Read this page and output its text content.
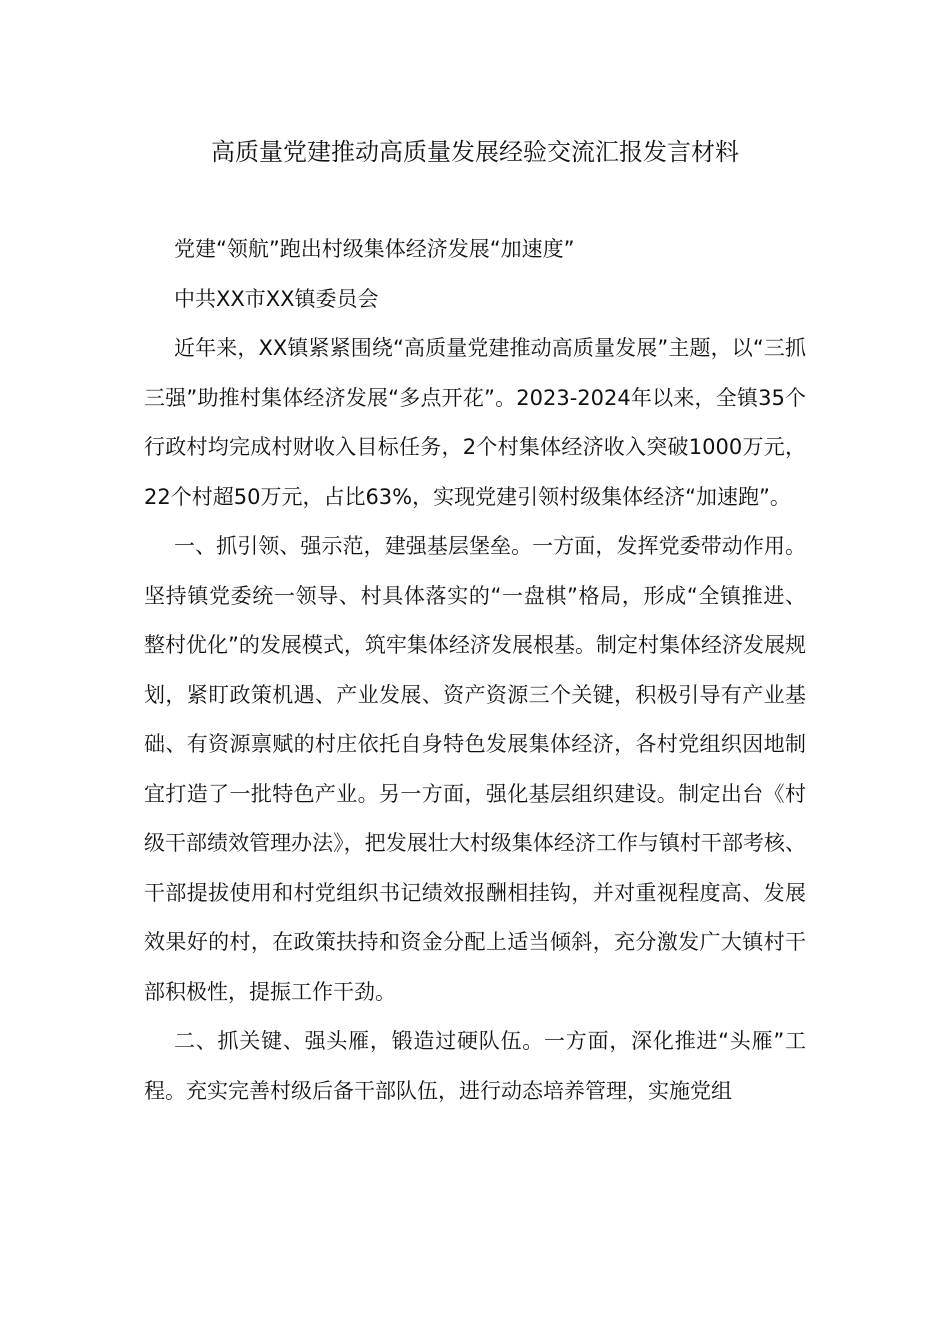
高质量党建推动高质量发展经验交流汇报发言材料

党建“领航”跑出村级集体经济发展“加速度”

中共XX市XX镇委员会

近年来，XX镇紧紧围绕“高质量党建推动高质量发展”主题，以“三抓三强”助推村集体经济发展“多点开花”。2023-2024年以来，全镇35个行政村均完成村财收入目标任务，2个村集体经济收入突破1000万元，22个村超50万元，占比63%，实现党建引领村级集体经济“加速跑”。

一、抓引领、强示范，建强基层堡垒。一方面，发挥党委带动作用。坚持镇党委统一领导、村具体落实的“一盘棋”格局，形成“全镇推进、整村优化”的发展模式，筑牢集体经济发展根基。制定村集体经济发展规划，紧盯政策机遇、产业发展、资产资源三个关键，积极引导有产业基础、有资源禀赋的村庄依托自身特色发展集体经济，各村党组织因地制宜打造了一批特色产业。另一方面，强化基层组织建设。制定出台《村级干部绩效管理办法》，把发展壮大村级集体经济工作与镇村干部考核、干部提拔使用和村党组织书记绩效报酬相挂钩，并对重视程度高、发展效果好的村，在政策扶持和资金分配上适当倾斜，充分激发广大镇村干部积极性，提振工作干劲。

二、抓关键、强头雁，锻造过硬队伍。一方面，深化推进“头雁”工程。充实完善村级后备干部队伍，进行动态培养管理，实施党组
